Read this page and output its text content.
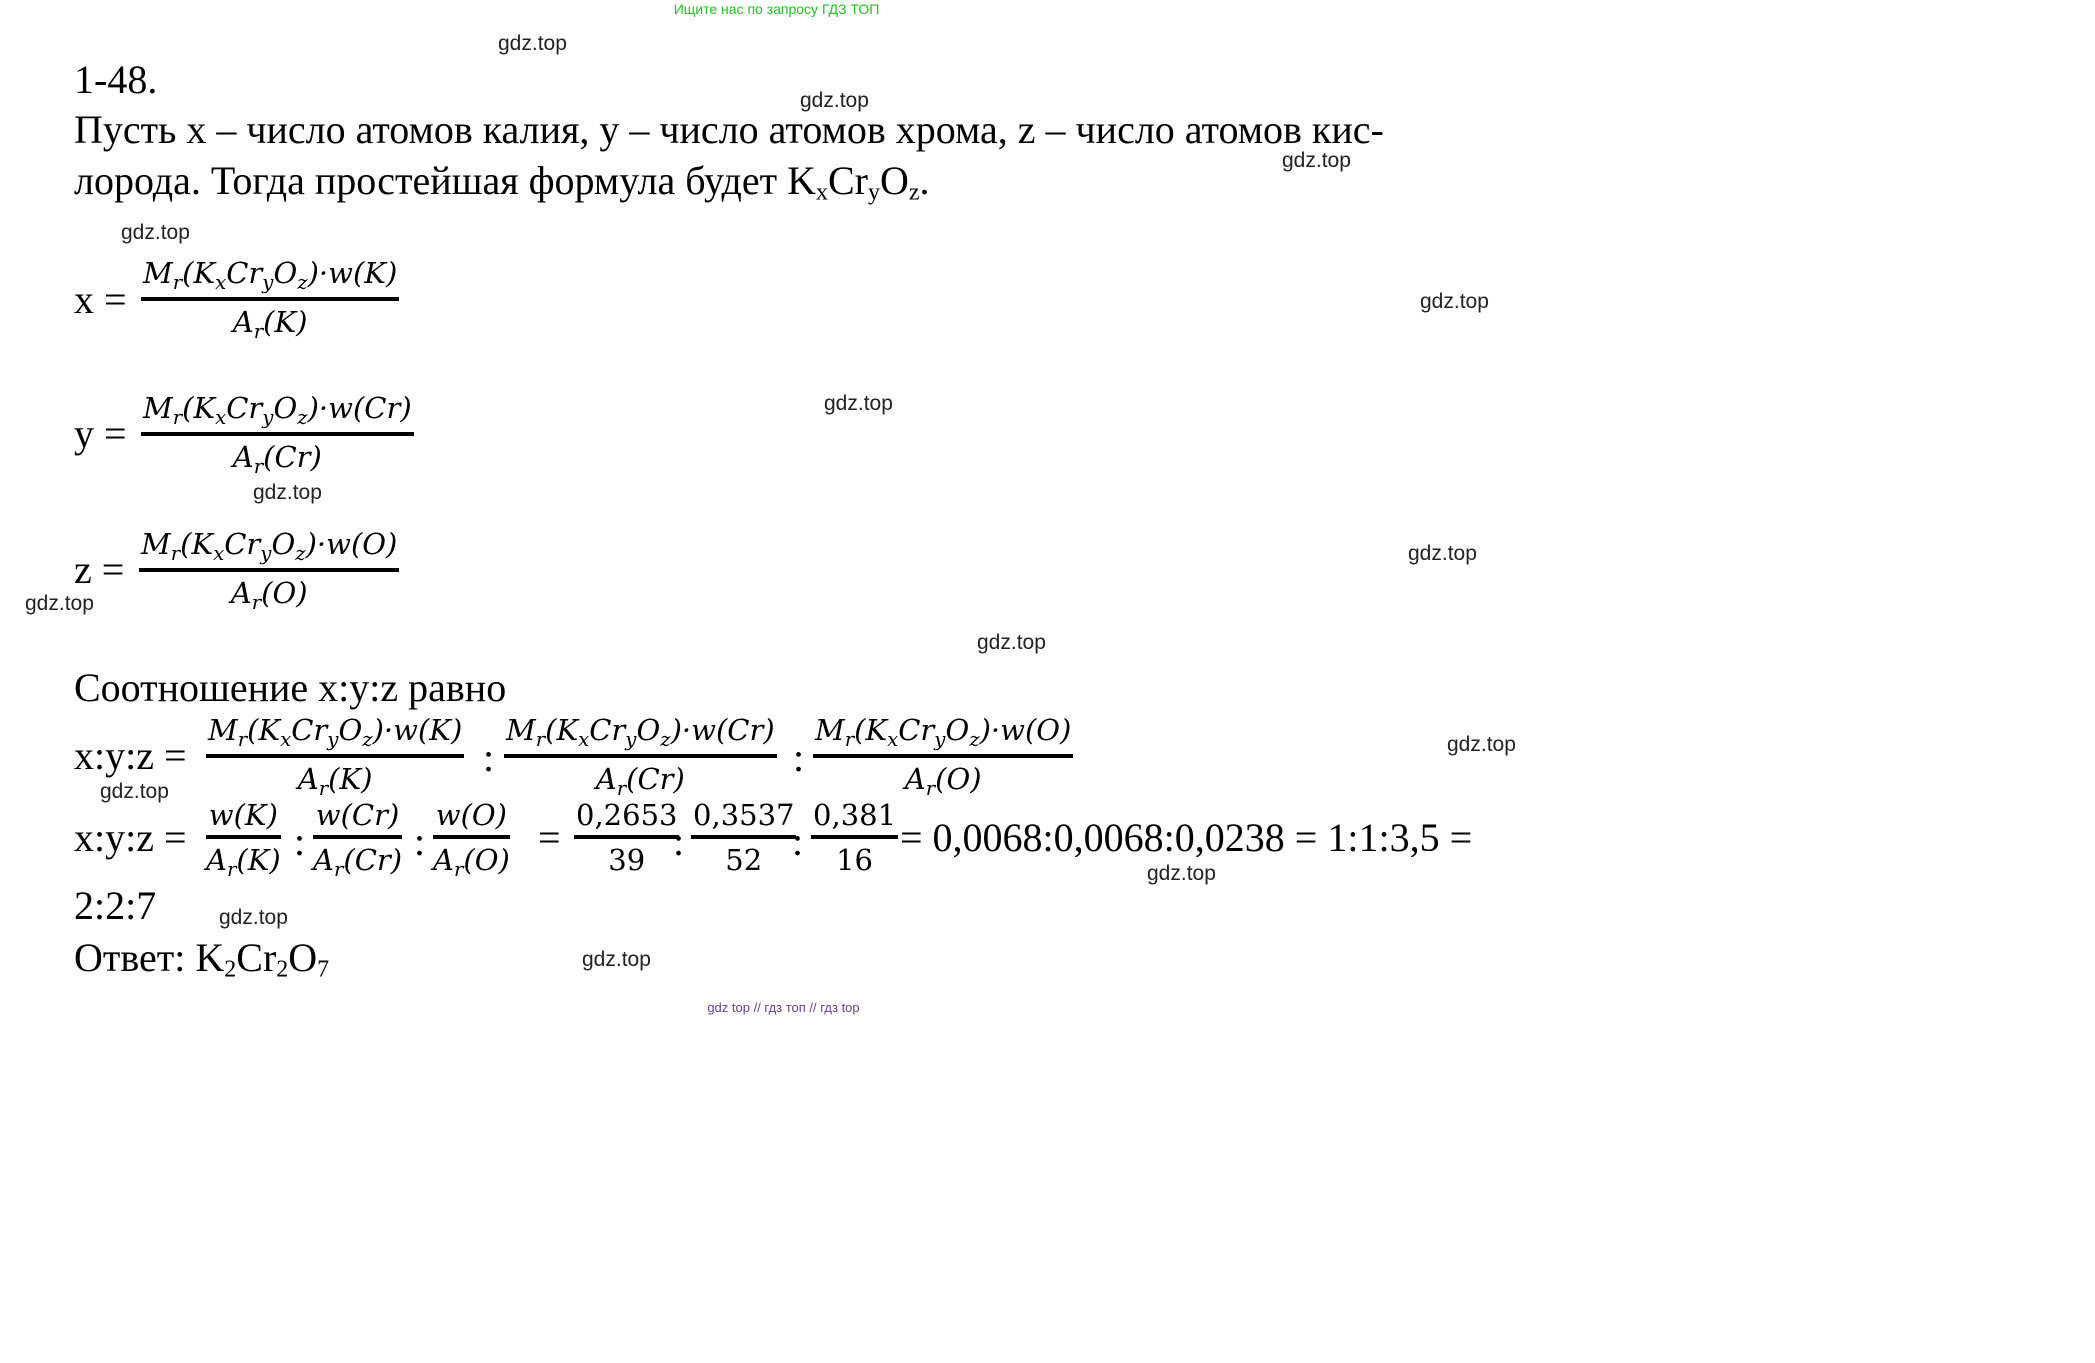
Ищите нас по запросу ГДЗ ТОП
gdz.top
gdz.top
gdz.top
gdz.top
gdz.top
gdz.top
gdz.top
gdz.top
gdz.top
gdz.top
gdz.top
gdz.top
gdz.top
gdz.top
gdz.top
1-48.
Пусть x – число атомов калия, y – число атомов хрома, z – число атомов кис-
лорода. Тогда простейшая формула будет $K_xCr_yO_z$.
x =
$M_r(K_xCr_yO_z)\cdot w(K)$
$A_r(K)$
y =
$M_r(K_xCr_yO_z)\cdot w(Cr)$
$A_r(Cr)$
z =
$M_r(K_xCr_yO_z)\cdot w(O)$
$A_r(O)$
Соотношение x:y:z равно
x:y:z =
$M_r(K_xCr_yO_z)\cdot w(K)$
$A_r(K)$	:
$M_r(K_xCr_yO_z)\cdot w(Cr)$
$A_r(Cr)$	:
$M_r(K_xCr_yO_z)\cdot w(O)$
$A_r(O)$
x:y:z = w(K)
$A_r(K)$ :
w(Cr)
$A_r(Cr)$ :
w(O)
$A_r(O) = 0,2653$
39 :
0,3537
52 :
0,381
16 = 0,0068:0,0068:0,0238 = 1:1:3,5 =
2:2:7
Ответ: $K_2Cr_2O_7$
gdz top // гдз топ // гдз top
